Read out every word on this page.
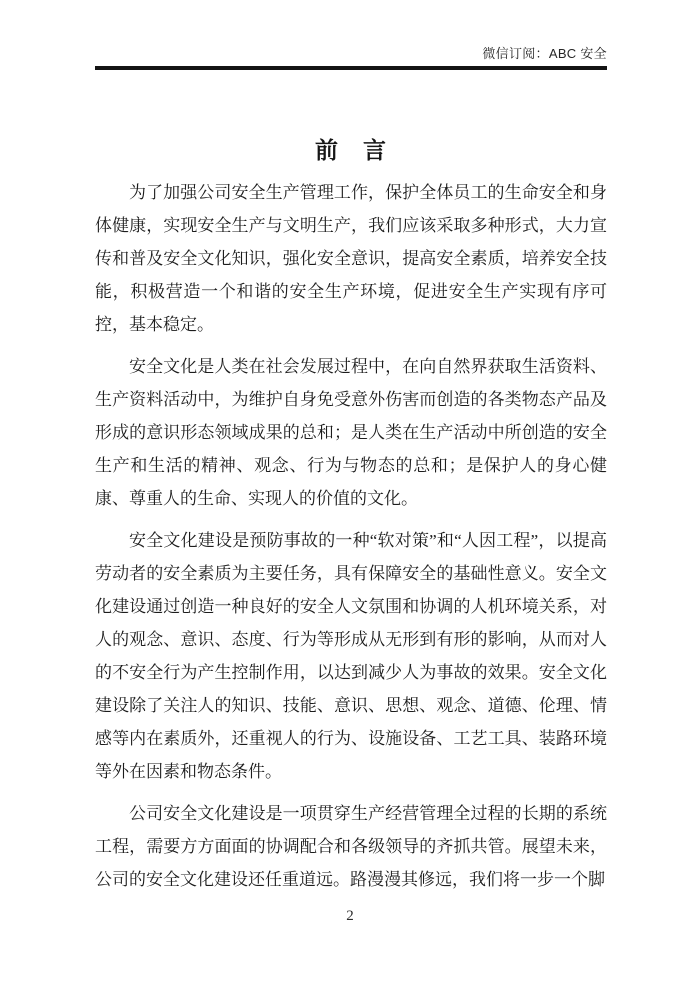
微信订阅：ABC 安全
前　言

为了加强公司安全生产管理工作，保护全体员工的生命安全和身体健康，实现安全生产与文明生产，我们应该采取多种形式，大力宣传和普及安全文化知识，强化安全意识，提高安全素质，培养安全技能，积极营造一个和谐的安全生产环境，促进安全生产实现有序可控，基本稳定。

安全文化是人类在社会发展过程中，在向自然界获取生活资料、生产资料活动中，为维护自身免受意外伤害而创造的各类物态产品及形成的意识形态领域成果的总和；是人类在生产活动中所创造的安全生产和生活的精神、观念、行为与物态的总和；是保护人的身心健康、尊重人的生命、实现人的价值的文化。

安全文化建设是预防事故的一种“软对策”和“人因工程”，以提高劳动者的安全素质为主要任务，具有保障安全的基础性意义。安全文化建设通过创造一种良好的安全人文氛围和协调的人机环境关系，对人的观念、意识、态度、行为等形成从无形到有形的影响，从而对人的不安全行为产生控制作用，以达到减少人为事故的效果。安全文化建设除了关注人的知识、技能、意识、思想、观念、道德、伦理、情感等内在素质外，还重视人的行为、设施设备、工艺工具、装路环境等外在因素和物态条件。

公司安全文化建设是一项贯穿生产经营管理全过程的长期的系统工程，需要方方面面的协调配合和各级领导的齐抓共管。展望未来，公司的安全文化建设还任重道远。路漫漫其修远，我们将一步一个脚

2
